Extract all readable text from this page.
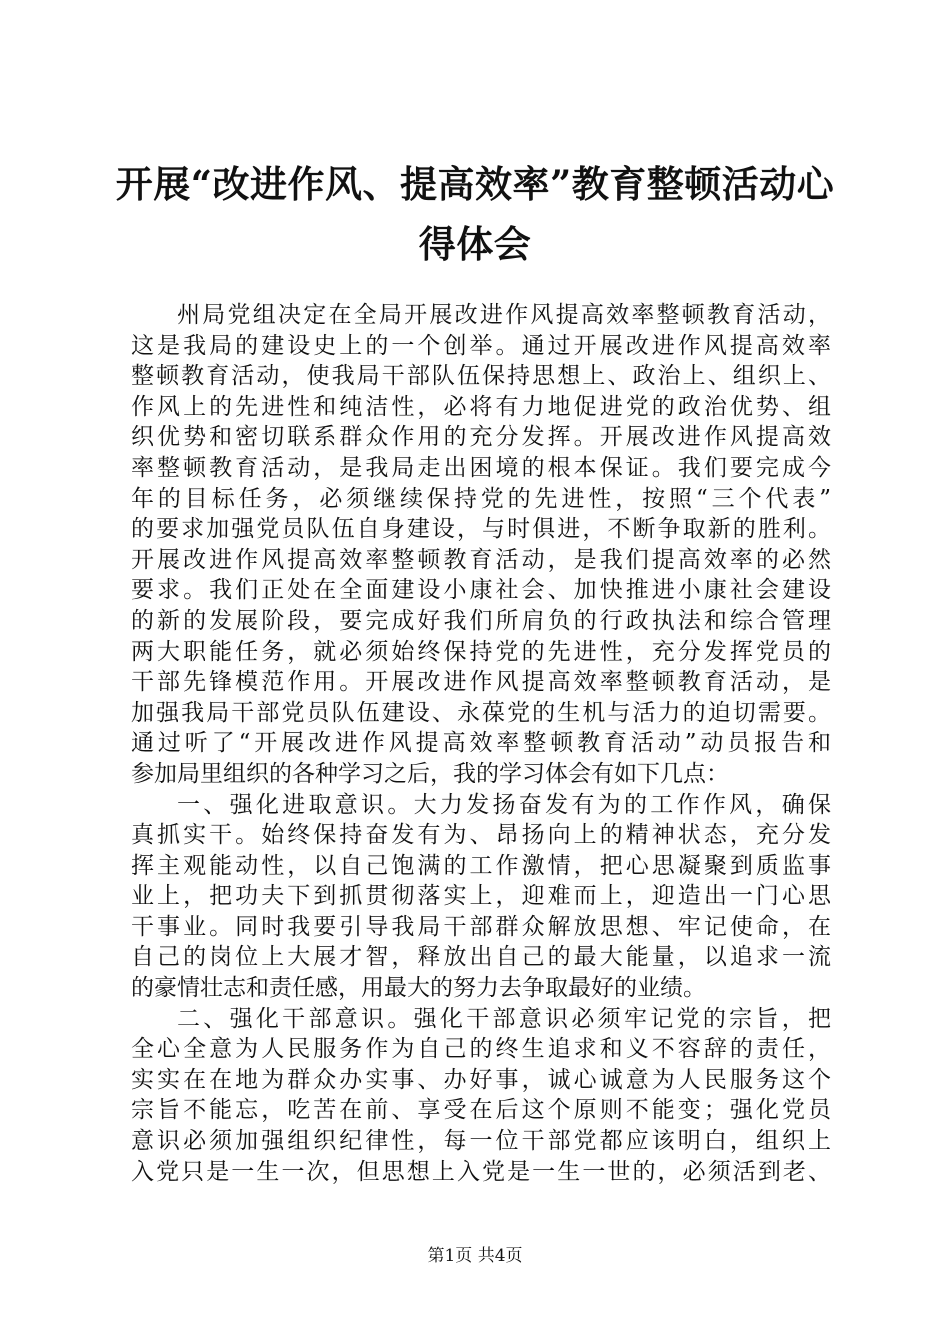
开展“改进作风、提高效率”教育整顿活动心
得体会
州局党组决定在全局开展改进作风提高效率整顿教育活动，
这是我局的建设史上的一个创举。通过开展改进作风提高效率
整顿教育活动，使我局干部队伍保持思想上、政治上、组织上、
作风上的先进性和纯洁性，必将有力地促进党的政治优势、组
织优势和密切联系群众作用的充分发挥。开展改进作风提高效
率整顿教育活动，是我局走出困境的根本保证。我们要完成今
年的目标任务，必须继续保持党的先进性，按照“三个代表”
的要求加强党员队伍自身建设，与时俱进，不断争取新的胜利。
开展改进作风提高效率整顿教育活动，是我们提高效率的必然
要求。我们正处在全面建设小康社会、加快推进小康社会建设
的新的发展阶段，要完成好我们所肩负的行政执法和综合管理
两大职能任务，就必须始终保持党的先进性，充分发挥党员的
干部先锋模范作用。开展改进作风提高效率整顿教育活动，是
加强我局干部党员队伍建设、永葆党的生机与活力的迫切需要。
通过听了“开展改进作风提高效率整顿教育活动”动员报告和
参加局里组织的各种学习之后，我的学习体会有如下几点：
一、强化进取意识。大力发扬奋发有为的工作作风，确保
真抓实干。始终保持奋发有为、昂扬向上的精神状态，充分发
挥主观能动性，以自己饱满的工作激情，把心思凝聚到质监事
业上，把功夫下到抓贯彻落实上，迎难而上，迎造出一门心思
干事业。同时我要引导我局干部群众解放思想、牢记使命，在
自己的岗位上大展才智，释放出自己的最大能量，以追求一流
的豪情壮志和责任感，用最大的努力去争取最好的业绩。
二、强化干部意识。强化干部意识必须牢记党的宗旨，把
全心全意为人民服务作为自己的终生追求和义不容辞的责任，
实实在在地为群众办实事、办好事，诚心诚意为人民服务这个
宗旨不能忘，吃苦在前、享受在后这个原则不能变；强化党员
意识必须加强组织纪律性，每一位干部党都应该明白，组织上
入党只是一生一次，但思想上入党是一生一世的，必须活到老、
第1页 共4页
